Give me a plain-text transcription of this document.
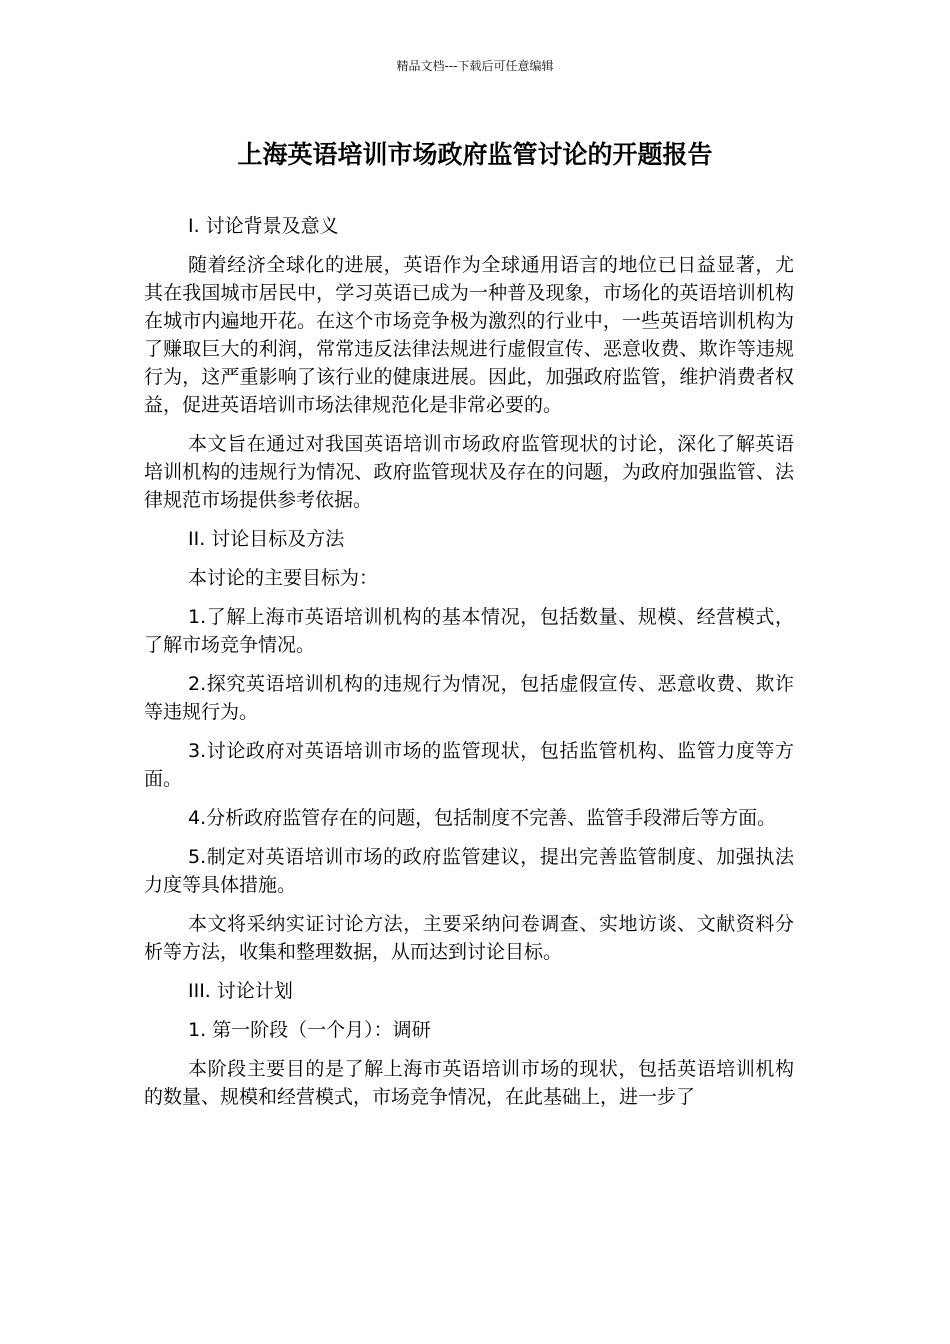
精品文档---下载后可任意编辑
上海英语培训市场政府监管讨论的开题报告

I. 讨论背景及意义

随着经济全球化的进展，英语作为全球通用语言的地位已日益显著，尤其在我国城市居民中，学习英语已成为一种普及现象，市场化的英语培训机构在城市内遍地开花。在这个市场竞争极为激烈的行业中，一些英语培训机构为了赚取巨大的利润，常常违反法律法规进行虚假宣传、恶意收费、欺诈等违规行为，这严重影响了该行业的健康进展。因此，加强政府监管，维护消费者权益，促进英语培训市场法律规范化是非常必要的。

本文旨在通过对我国英语培训市场政府监管现状的讨论，深化了解英语培训机构的违规行为情况、政府监管现状及存在的问题，为政府加强监管、法律规范市场提供参考依据。

II. 讨论目标及方法

本讨论的主要目标为：

1.了解上海市英语培训机构的基本情况，包括数量、规模、经营模式，了解市场竞争情况。

2.探究英语培训机构的违规行为情况，包括虚假宣传、恶意收费、欺诈等违规行为。

3.讨论政府对英语培训市场的监管现状，包括监管机构、监管力度等方面。

4.分析政府监管存在的问题，包括制度不完善、监管手段滞后等方面。

5.制定对英语培训市场的政府监管建议，提出完善监管制度、加强执法力度等具体措施。

本文将采纳实证讨论方法，主要采纳问卷调查、实地访谈、文献资料分析等方法，收集和整理数据，从而达到讨论目标。

III. 讨论计划

1. 第一阶段（一个月）：调研

本阶段主要目的是了解上海市英语培训市场的现状，包括英语培训机构的数量、规模和经营模式，市场竞争情况，在此基础上，进一步了
